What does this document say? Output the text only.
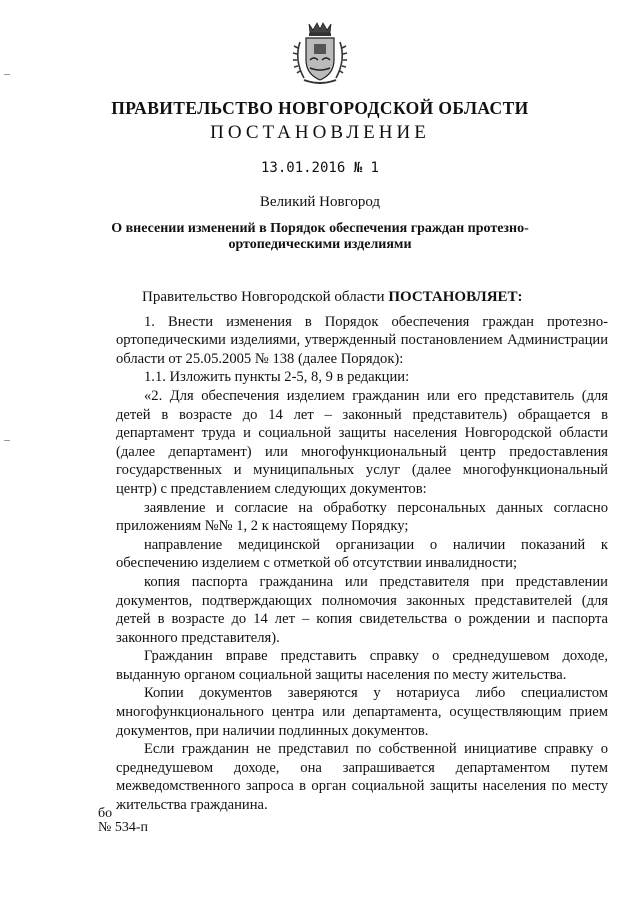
ПРАВИТЕЛЬСТВО НОВГОРОДСКОЙ ОБЛАСТИ
ПОСТАНОВЛЕНИЕ
13.01.2016 № 1
Великий Новгород
О внесении изменений в Порядок обеспечения граждан протезно-ортопедическими изделиями

Правительство Новгородской области ПОСТАНОВЛЯЕТ:

1. Внести изменения в Порядок обеспечения граждан протезно-ортопедическими изделиями, утвержденный постановлением Администрации области от 25.05.2005 № 138 (далее Порядок):

1.1. Изложить пункты 2-5, 8, 9 в редакции:

«2. Для обеспечения изделием гражданин или его представитель (для детей в возрасте до 14 лет – законный представитель) обращается в департамент труда и социальной защиты населения Новгородской области (далее департамент) или многофункциональный центр предоставления государственных и муниципальных услуг (далее многофункциональный центр) с представлением следующих документов:

заявление и согласие на обработку персональных данных согласно приложениям №№ 1, 2 к настоящему Порядку;

направление медицинской организации о наличии показаний к обеспечению изделием с отметкой об отсутствии инвалидности;

копия паспорта гражданина или представителя при представлении документов, подтверждающих полномочия законных представителей (для детей в возрасте до 14 лет – копия свидетельства о рождении и паспорта законного представителя).

Гражданин вправе представить справку о среднедушевом доходе, выданную органом социальной защиты населения по месту жительства.

Копии документов заверяются у нотариуса либо специалистом многофункционального центра или департамента, осуществляющим прием документов, при наличии подлинных документов.

Если гражданин не представил по собственной инициативе справку о среднедушевом доходе, она запрашивается департаментом путем межведомственного запроса в орган социальной защиты населения по месту жительства гражданина.

бо
№ 534-п
